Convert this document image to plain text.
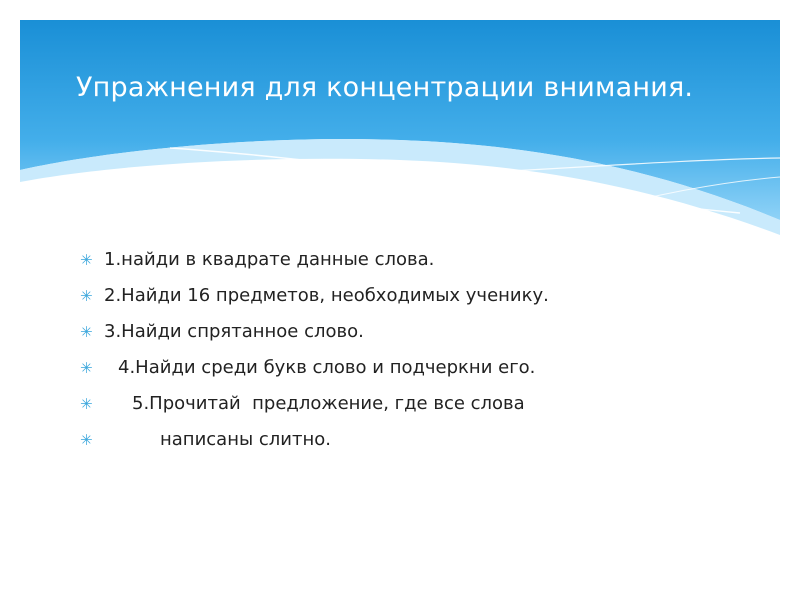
Упражнения для концентрации внимания.

✳

1.найди в квадрате данные слова.

✳

2.Найди 16 предметов, необходимых ученику.

✳

3.Найди спрятанное слово.

✳

4.Найди среди букв слово и подчеркни его.

✳

5.Прочитай  предложение, где все слова

✳

	написаны слитно.
